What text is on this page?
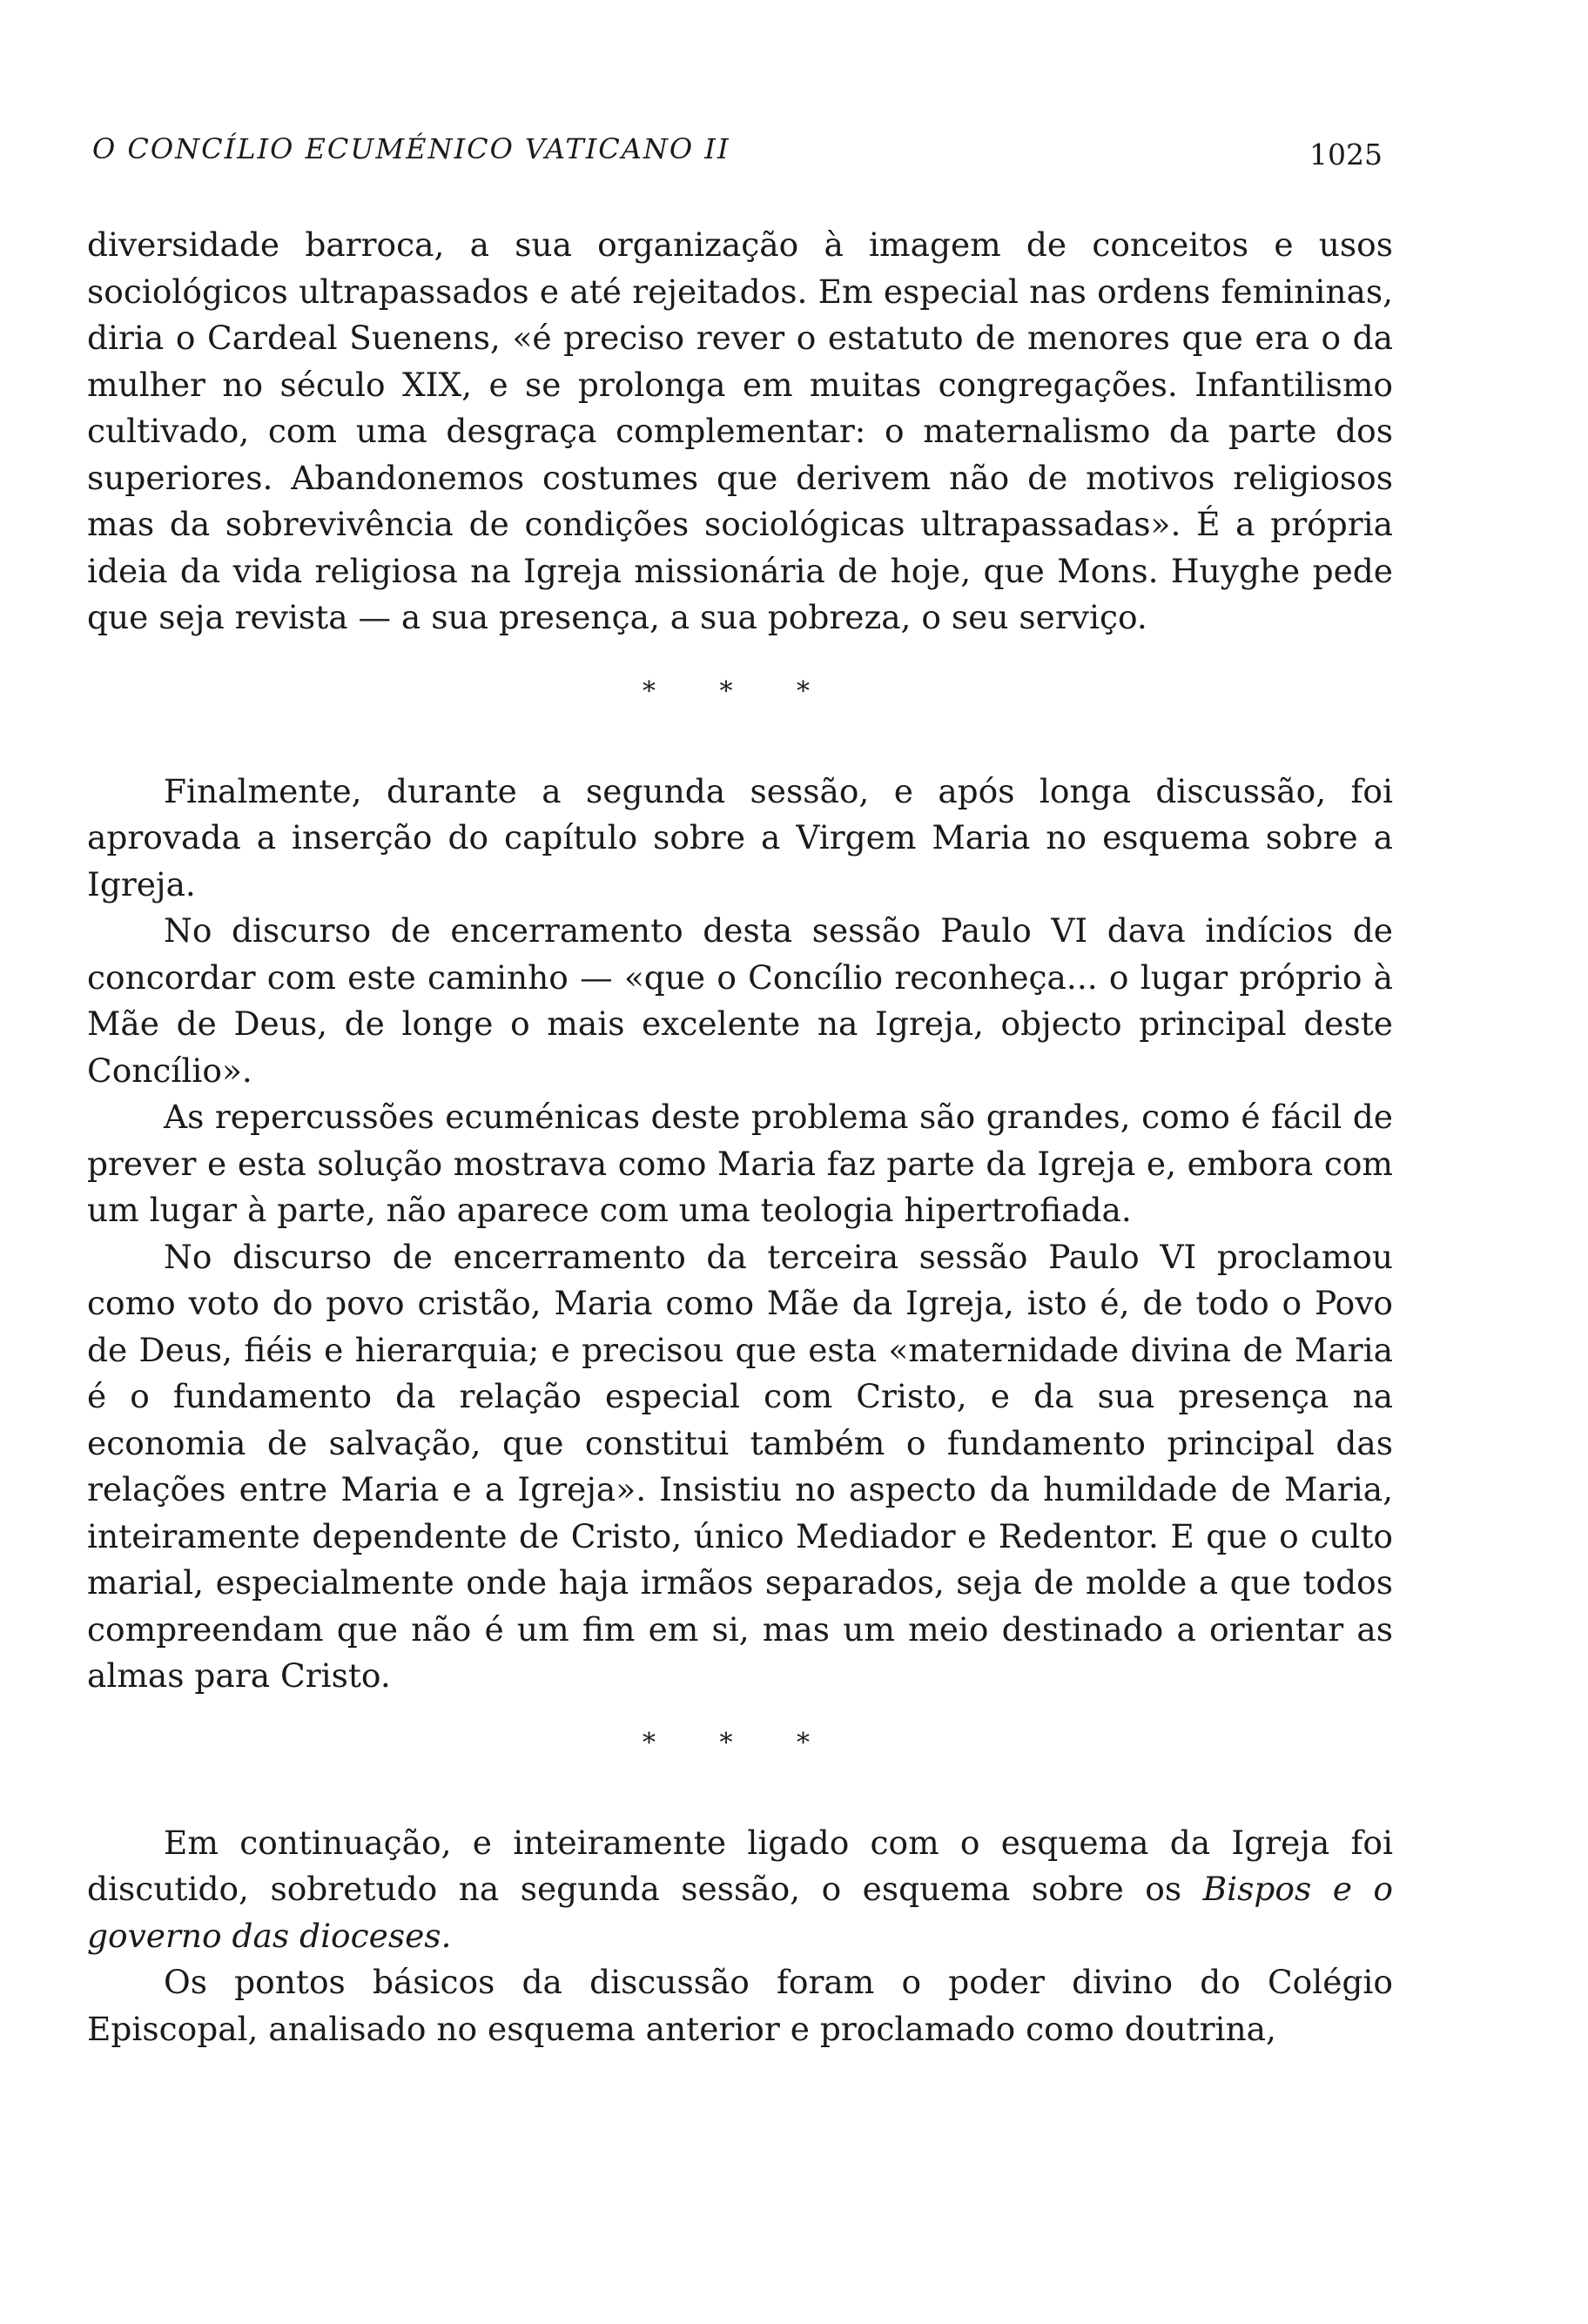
O CONCÍLIO ECUMÉNICO VATICANO II	1025

diversidade barroca, a sua organização à imagem de conceitos e usos sociológicos ultrapassados e até rejeitados. Em especial nas ordens femininas, diria o Cardeal Suenens, «é preciso rever o estatuto de menores que era o da mulher no século XIX, e se prolonga em muitas congregações. Infantilismo cultivado, com uma desgraça complementar: o maternalismo da parte dos superiores. Abandonemos costumes que derivem não de motivos religiosos mas da sobrevivência de condições sociológicas ultrapassadas». É a própria ideia da vida religiosa na Igreja missionária de hoje, que Mons. Huyghe pede que seja revista — a sua presença, a sua pobreza, o seu serviço.

* * *

Finalmente, durante a segunda sessão, e após longa discussão, foi aprovada a inserção do capítulo sobre a Virgem Maria no esquema sobre a Igreja.

No discurso de encerramento desta sessão Paulo VI dava indícios de concordar com este caminho — «que o Concílio reconheça... o lugar próprio à Mãe de Deus, de longe o mais excelente na Igreja, objecto principal deste Concílio».

As repercussões ecuménicas deste problema são grandes, como é fácil de prever e esta solução mostrava como Maria faz parte da Igreja e, embora com um lugar à parte, não aparece com uma teologia hipertrofiada.

No discurso de encerramento da terceira sessão Paulo VI proclamou como voto do povo cristão, Maria como Mãe da Igreja, isto é, de todo o Povo de Deus, fiéis e hierarquia; e precisou que esta «maternidade divina de Maria é o fundamento da relação especial com Cristo, e da sua presença na economia de salvação, que constitui também o fundamento principal das relações entre Maria e a Igreja». Insistiu no aspecto da humildade de Maria, inteiramente dependente de Cristo, único Mediador e Redentor. E que o culto marial, especialmente onde haja irmãos separados, seja de molde a que todos compreendam que não é um fim em si, mas um meio destinado a orientar as almas para Cristo.

* * *

Em continuação, e inteiramente ligado com o esquema da Igreja foi discutido, sobretudo na segunda sessão, o esquema sobre os Bispos e o governo das dioceses.

Os pontos básicos da discussão foram o poder divino do Colégio Episcopal, analisado no esquema anterior e proclamado como doutrina,
